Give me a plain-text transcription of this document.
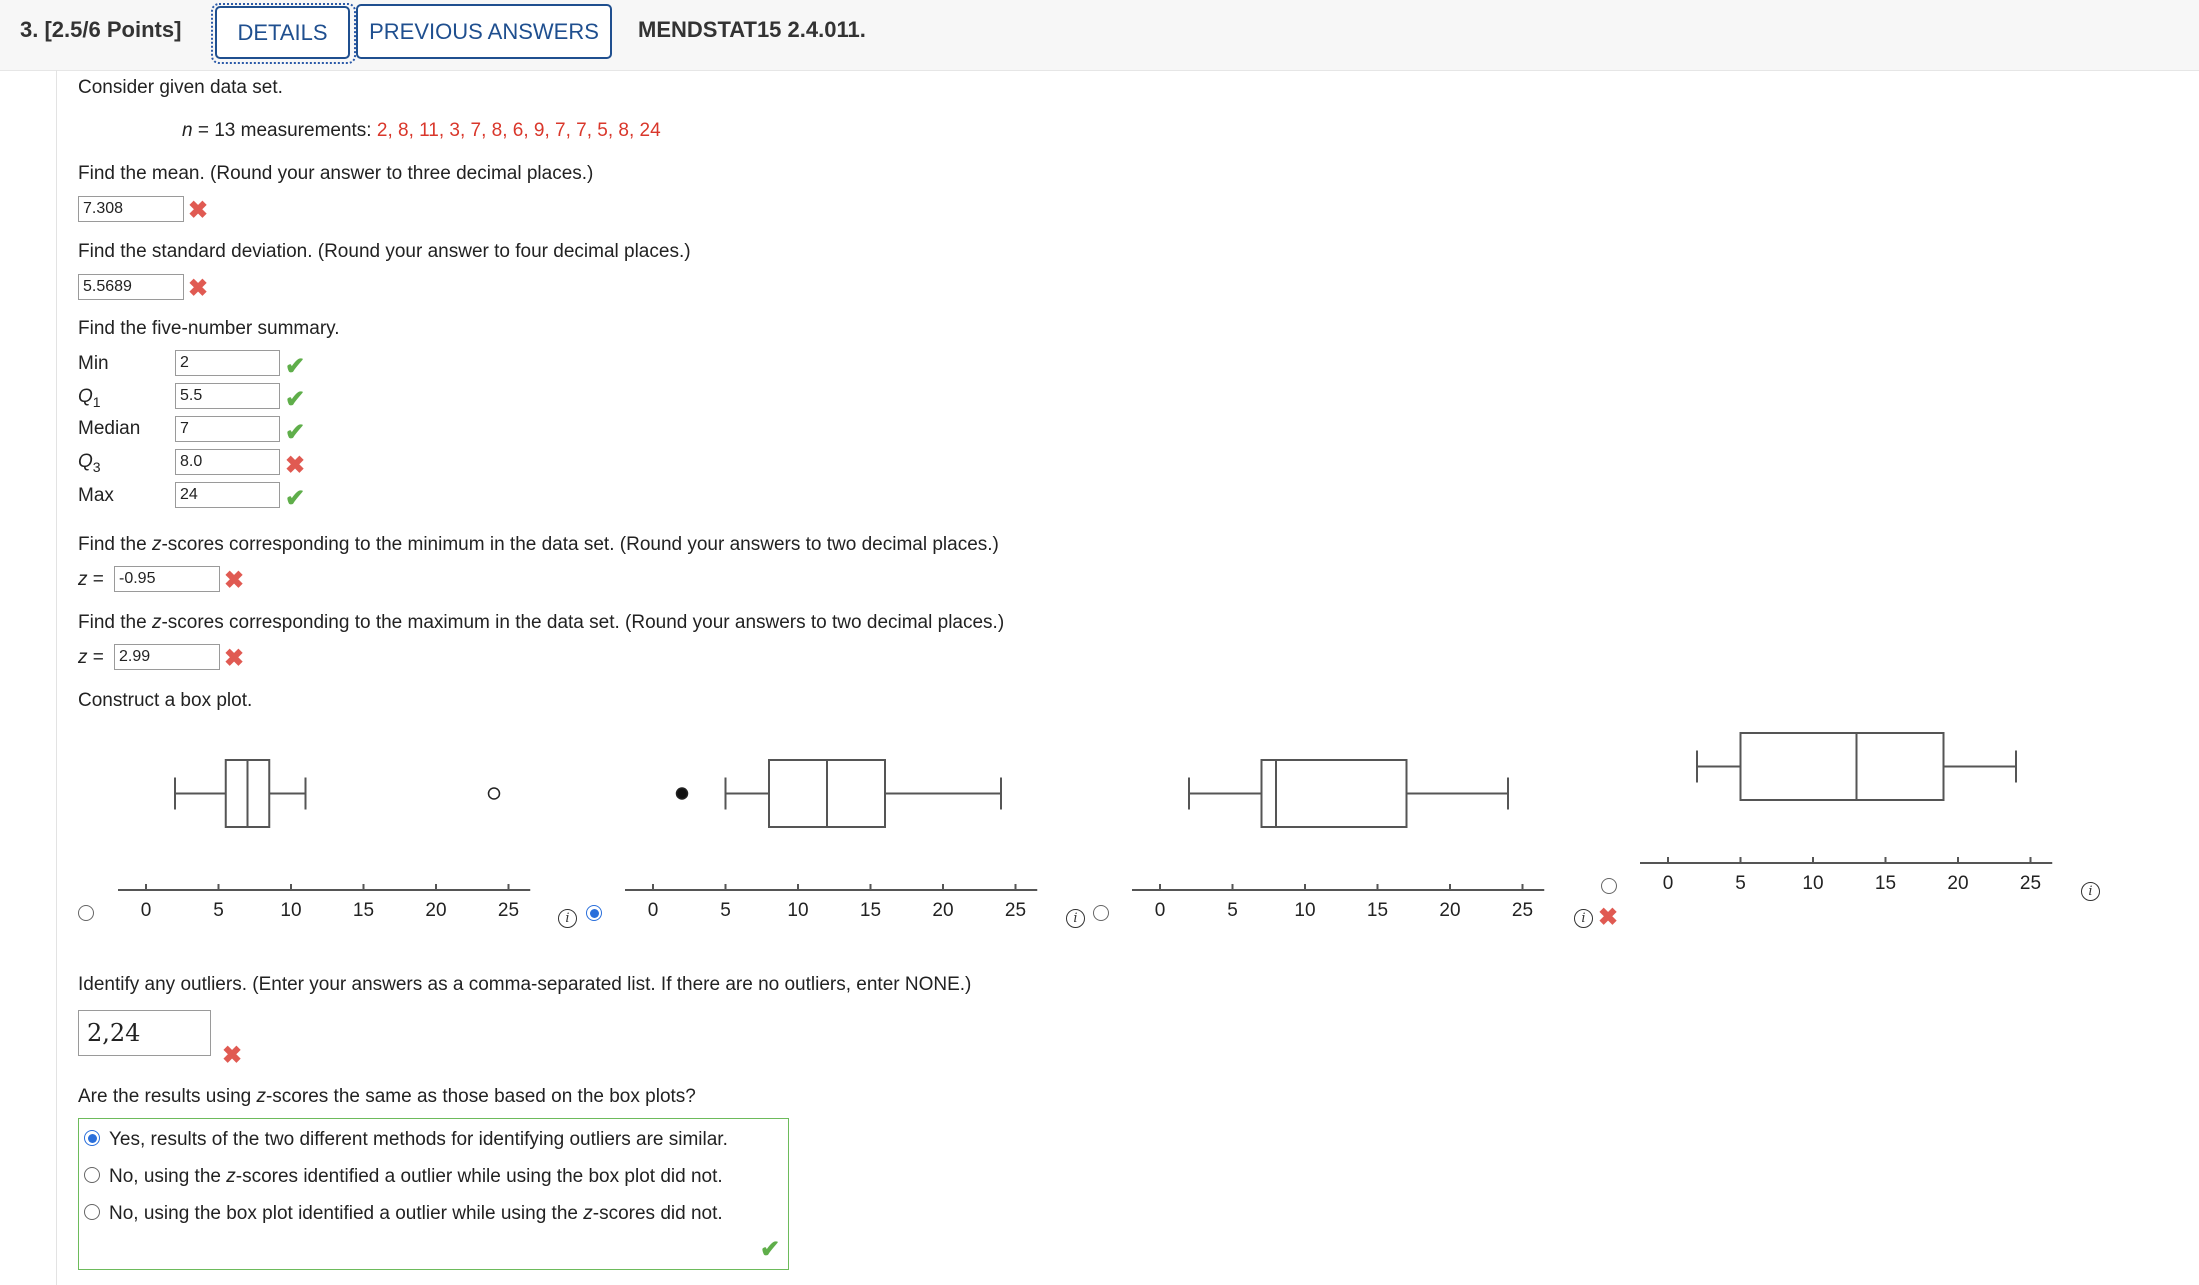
3. [2.5/6 Points]	DETAILS	PREVIOUS ANSWERS	MENDSTAT15 2.4.011.
Consider given data set.
n = 13 measurements: 2, 8, 11, 3, 7, 8, 6, 9, 7, 7, 5, 8, 24
Find the mean. (Round your answer to three decimal places.)
7.308
✖
Find the standard deviation. (Round your answer to four decimal places.)
5.5689
✖
Find the five-number summary.
Min
2	✔
$Q_1$
5.5	✔
Median
7	✔
$Q_3$
8.0	✖
Max
24	✔
Find the z-scores corresponding to the minimum in the data set. (Round your answers to two decimal places.)
z =
-0.95	✖
Find the z-scores corresponding to the maximum in the data set. (Round your answers to two decimal places.)
z =
2.99	✖
Construct a box plot.
0	5	10	15	20	25	0	5	10	15	20	25	0	5	10	15	20	25
0	5	10	15	20	25
i	i	i
i
✖
Identify any outliers. (Enter your answers as a comma-separated list. If there are no outliers, enter NONE.)
2,24
✖
Are the results using z-scores the same as those based on the box plots?
Yes, results of the two different methods for identifying outliers are similar.
No, using the z-scores identified a outlier while using the box plot did not.
No, using the box plot identified a outlier while using the z-scores did not.
✔
